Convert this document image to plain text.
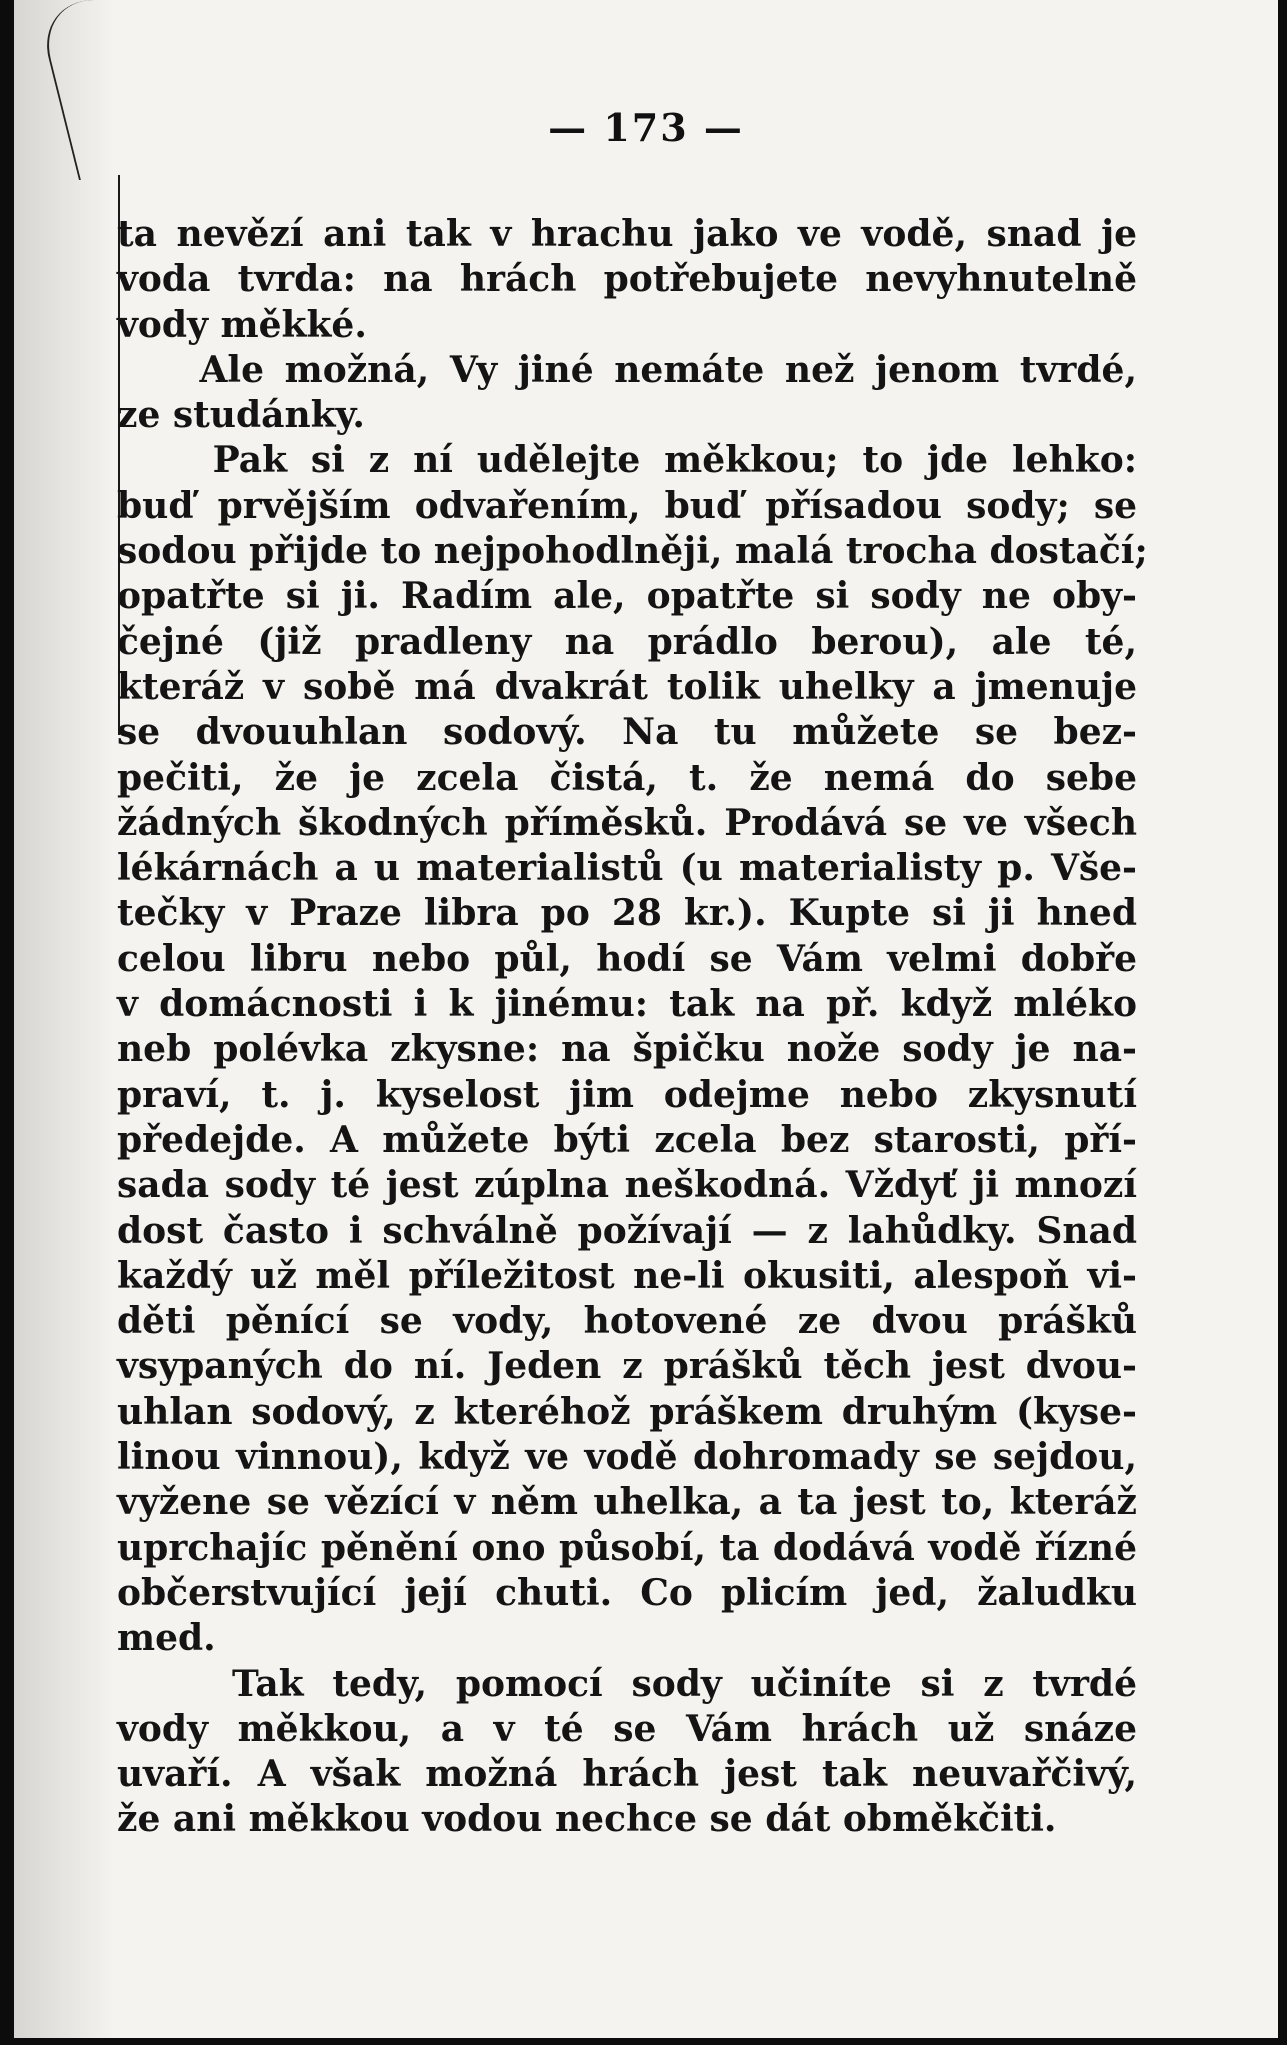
— 173 —
ta nevězí ani tak v hrachu jako ve vodě, snad je
voda tvrda: na hrách potřebujete nevyhnutelně
vody měkké.
Ale možná, Vy jiné nemáte než jenom tvrdé,
ze studánky.
Pak si z ní udělejte měkkou; to jde lehko:
buď prvějším odvařením, buď přísadou sody; se
sodou přijde to nejpohodlněji, malá trocha dostačí;
opatřte si ji. Radím ale, opatřte si sody ne oby-
čejné (již pradleny na prádlo berou), ale té,
kteráž v sobě má dvakrát tolik uhelky a jmenuje
se dvouuhlan sodový. Na tu můžete se bez-
pečiti, že je zcela čistá, t. že nemá do sebe
žádných škodných příměsků. Prodává se ve všech
lékárnách a u materialistů (u materialisty p. Vše-
tečky v Praze libra po 28 kr.). Kupte si ji hned
celou libru nebo půl, hodí se Vám velmi dobře
v domácnosti i k jinému: tak na př. když mléko
neb polévka zkysne: na špičku nože sody je na-
praví, t. j. kyselost jim odejme nebo zkysnutí
předejde. A můžete býti zcela bez starosti, pří-
sada sody té jest zúplna neškodná. Vždyť ji mnozí
dost často i schválně požívají — z lahůdky. Snad
každý už měl příležitost ne-li okusiti, alespoň vi-
děti pěnící se vody, hotovené ze dvou prášků
vsypaných do ní. Jeden z prášků těch jest dvou-
uhlan sodový, z kteréhož práškem druhým (kyse-
linou vinnou), když ve vodě dohromady se sejdou,
vyžene se vězící v něm uhelka, a ta jest to, kteráž
uprchajíc pěnění ono působí, ta dodává vodě řízné
občerstvující její chuti. Co plicím jed, žaludku
med.
Tak tedy, pomocí sody učiníte si z tvrdé
vody měkkou, a v té se Vám hrách už snáze
uvaří. A však možná hrách jest tak neuvařčivý,
že ani měkkou vodou nechce se dát obměkčiti.
